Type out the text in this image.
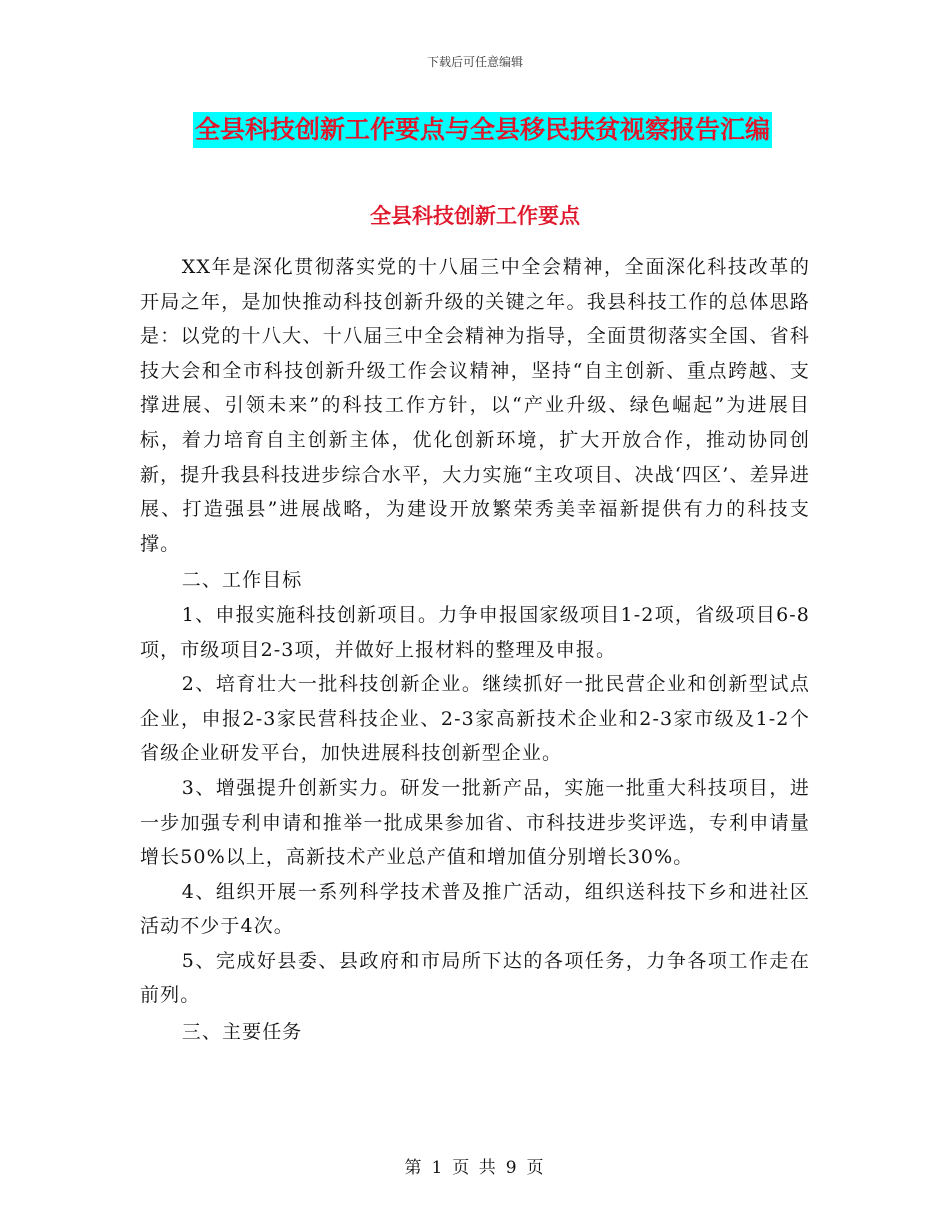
下载后可任意编辑
全县科技创新工作要点与全县移民扶贫视察报告汇编
全县科技创新工作要点

XX年是深化贯彻落实党的十八届三中全会精神，全面深化科技改革的开局之年，是加快推动科技创新升级的关键之年。我县科技工作的总体思路是：以党的十八大、十八届三中全会精神为指导，全面贯彻落实全国、省科技大会和全市科技创新升级工作会议精神，坚持“自主创新、重点跨越、支撑进展、引领未来”的科技工作方针，以“产业升级、绿色崛起”为进展目标，着力培育自主创新主体，优化创新环境，扩大开放合作，推动协同创新，提升我县科技进步综合水平，大力实施“主攻项目、决战‘四区’、差异进展、打造强县”进展战略，为建设开放繁荣秀美幸福新提供有力的科技支撑。

二、工作目标

1、申报实施科技创新项目。力争申报国家级项目1-2项，省级项目6-8项，市级项目2-3项，并做好上报材料的整理及申报。

2、培育壮大一批科技创新企业。继续抓好一批民营企业和创新型试点企业，申报2-3家民营科技企业、2-3家高新技术企业和2-3家市级及1-2个省级企业研发平台，加快进展科技创新型企业。

3、增强提升创新实力。研发一批新产品，实施一批重大科技项目，进一步加强专利申请和推举一批成果参加省、市科技进步奖评选，专利申请量增长50%以上，高新技术产业总产值和增加值分别增长30%。

4、组织开展一系列科学技术普及推广活动，组织送科技下乡和进社区活动不少于4次。

5、完成好县委、县政府和市局所下达的各项任务，力争各项工作走在前列。

三、主要任务

第 1 页 共 9 页
